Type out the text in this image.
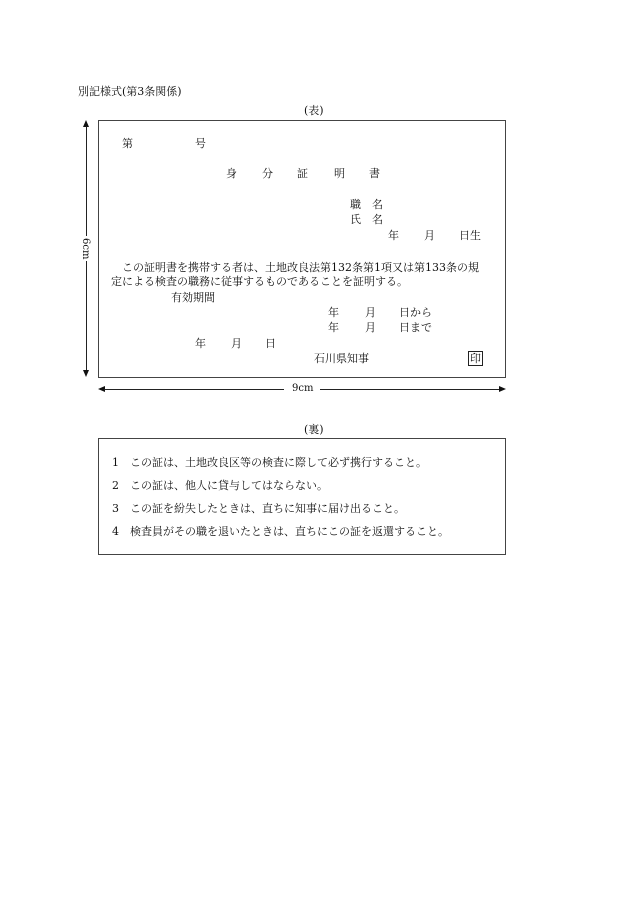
別記様式(第3条関係)
(表)
第	号
身 分 証 明 書
職　名
氏　名
年 月 日生
この証明書を携帯する者は、土地改良法第132条第1項又は第133条の規
定による検査の職務に従事するものであることを証明する。
有効期間
年 月 日から
年 月 日まで
年 月 日
石川県知事	印
6cm
9cm
(裏)
1 この証は、土地改良区等の検査に際して必ず携行すること。
2 この証は、他人に貸与してはならない。
3 この証を紛失したときは、直ちに知事に届け出ること。
4 検査員がその職を退いたときは、直ちにこの証を返還すること。
